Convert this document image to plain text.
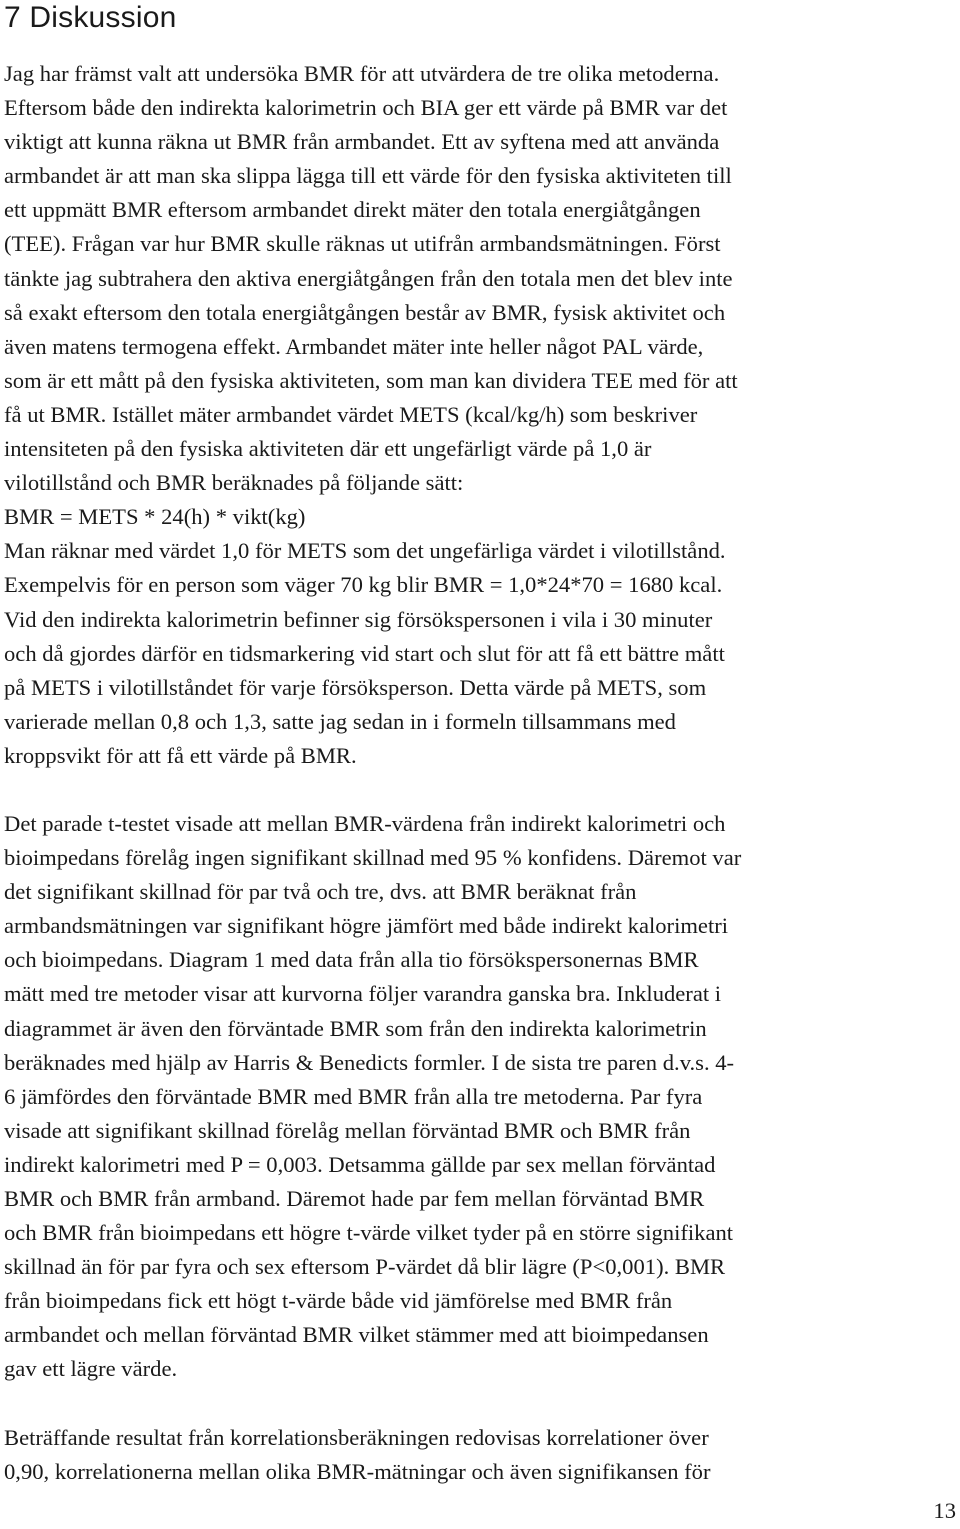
7 Diskussion

Jag har främst valt att undersöka BMR för att utvärdera de tre olika metoderna.
Eftersom både den indirekta kalorimetrin och BIA ger ett värde på BMR var det
viktigt att kunna räkna ut BMR från armbandet. Ett av syftena med att använda
armbandet är att man ska slippa lägga till ett värde för den fysiska aktiviteten till
ett uppmätt BMR eftersom armbandet direkt mäter den totala energiåtgången
(TEE). Frågan var hur BMR skulle räknas ut utifrån armbandsmätningen. Först
tänkte jag subtrahera den aktiva energiåtgången från den totala men det blev inte
så exakt eftersom den totala energiåtgången består av BMR, fysisk aktivitet och
även matens termogena effekt. Armbandet mäter inte heller något PAL värde,
som är ett mått på den fysiska aktiviteten, som man kan dividera TEE med för att
få ut BMR. Istället mäter armbandet värdet METS (kcal/kg/h) som beskriver
intensiteten på den fysiska aktiviteten där ett ungefärligt värde på 1,0 är
vilotillstånd och BMR beräknades på följande sätt:
BMR = METS * 24(h) * vikt(kg)
Man räknar med värdet 1,0 för METS som det ungefärliga värdet i vilotillstånd.
Exempelvis för en person som väger 70 kg blir BMR = 1,0*24*70 = 1680 kcal.
Vid den indirekta kalorimetrin befinner sig försökspersonen i vila i 30 minuter
och då gjordes därför en tidsmarkering vid start och slut för att få ett bättre mått
på METS i vilotillståndet för varje försöksperson. Detta värde på METS, som
varierade mellan 0,8 och 1,3, satte jag sedan in i formeln tillsammans med
kroppsvikt för att få ett värde på BMR.

Det parade t-testet visade att mellan BMR-värdena från indirekt kalorimetri och
bioimpedans förelåg ingen signifikant skillnad med 95 % konfidens. Däremot var
det signifikant skillnad för par två och tre, dvs. att BMR beräknat från
armbandsmätningen var signifikant högre jämfört med både indirekt kalorimetri
och bioimpedans. Diagram 1 med data från alla tio försökspersonernas BMR
mätt med tre metoder visar att kurvorna följer varandra ganska bra. Inkluderat i
diagrammet är även den förväntade BMR som från den indirekta kalorimetrin
beräknades med hjälp av Harris & Benedicts formler. I de sista tre paren d.v.s. 4-
6 jämfördes den förväntade BMR med BMR från alla tre metoderna. Par fyra
visade att signifikant skillnad förelåg mellan förväntad BMR och BMR från
indirekt kalorimetri med P = 0,003. Detsamma gällde par sex mellan förväntad
BMR och BMR från armband. Däremot hade par fem mellan förväntad BMR
och BMR från bioimpedans ett högre t-värde vilket tyder på en större signifikant
skillnad än för par fyra och sex eftersom P-värdet då blir lägre (P<0,001). BMR
från bioimpedans fick ett högt t-värde både vid jämförelse med BMR från
armbandet och mellan förväntad BMR vilket stämmer med att bioimpedansen
gav ett lägre värde.

Beträffande resultat från korrelationsberäkningen redovisas korrelationer över
0,90, korrelationerna mellan olika BMR-mätningar och även signifikansen för

13
